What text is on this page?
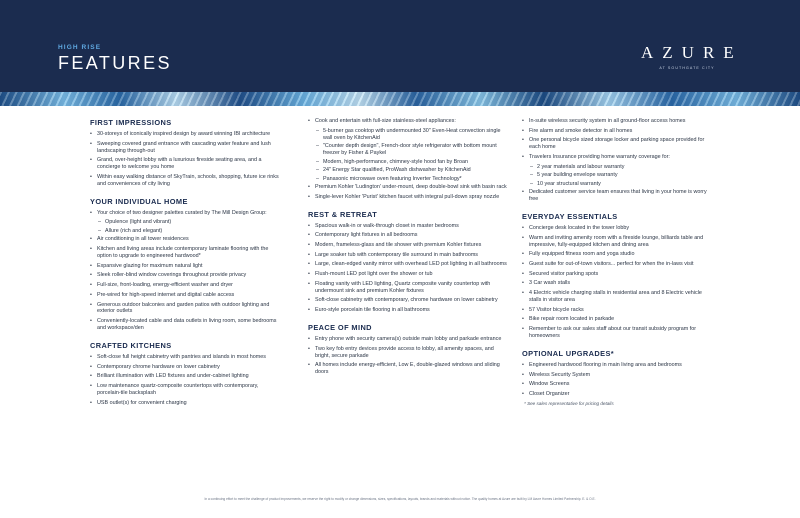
HIGH RISE
FEATURES
AZURE
AT SOUTHGATE CITY
FIRST IMPRESSIONS
• 30-storeys of iconically inspired design by award winning IBI architecture
• Sweeping covered grand entrance with cascading water feature and lush landscaping through-out
• Grand, over-height lobby with a luxurious fireside seating area, and a concierge to welcome you home
• Within easy walking distance of SkyTrain, schools, shopping, future ice rinks and conveniences of city living
YOUR INDIVIDUAL HOME
• Your choice of two designer palettes curated by The Mill Design Group:
– Opulence (light and vibrant)
– Allure (rich and elegant)
• Air conditioning in all tower residences
• Kitchen and living areas include contemporary laminate flooring with the option to upgrade to engineered hardwood*
• Expansive glazing for maximum natural light
• Sleek roller-blind window coverings throughout provide privacy
• Full-size, front-loading, energy-efficient washer and dryer
• Pre-wired for high-speed internet and digital cable access
• Generous outdoor balconies and garden patios with outdoor lighting and exterior outlets
• Conveniently-located cable and data outlets in living room, some bedrooms and workspace/den
CRAFTED KITCHENS
• Soft-close full height cabinetry with pantries and islands in most homes
• Contemporary chrome hardware on lower cabinetry
• Brilliant illumination with LED fixtures and under-cabinet lighting
• Low maintenance quartz-composite countertops with contemporary, porcelain-tile backsplash
• USB outlet(s) for convenient charging
• Cook and entertain with full-size stainless-steel appliances:
– 5-burner gas cooktop with undermounted 30" Even-Heat convection single wall oven by KitchenAid
– "Counter depth design", French-door style refrigerator with bottom mount freezer by Fisher & Paykel
– Modern, high-performance, chimney-style hood fan by Broan
– 24" Energy Star qualified, ProWash dishwasher by KitchenAid
– Panasonic microwave oven featuring Inverter Technology*
• Premium Kohler 'Ludington' under-mount, deep double-bowl sink with basin rack
• Single-lever Kohler 'Purist' kitchen faucet with integral pull-down spray nozzle
REST & RETREAT
• Spacious walk-in or walk-through closet in master bedrooms
• Contemporary light fixtures in all bedrooms
• Modern, frameless-glass and tile shower with premium Kohler fixtures
• Large soaker tub with contemporary tile surround in main bathrooms
• Large, clean-edged vanity mirror with overhead LED pot lighting in all bathrooms
• Flush-mount LED pot light over the shower or tub
• Floating vanity with LED lighting, Quartz composite vanity countertop with undermount sink and premium Kohler fixtures
• Soft-close cabinetry with contemporary, chrome hardware on lower cabinetry
• Euro-style porcelain tile flooring in all bathrooms
PEACE OF MIND
• Entry phone with security camera(s) outside main lobby and parkade entrance
• Two key fob entry devices provide access to lobby, all amenity spaces, and bright, secure parkade
• All homes include energy-efficient, Low E, double-glazed windows and sliding doors
• In-suite wireless security system in all ground-floor access homes
• Fire alarm and smoke detector in all homes
• One personal bicycle sized storage locker and parking space provided for each home
• Travelers Insurance providing home warranty coverage for:
– 2 year materials and labour warranty
– 5 year building envelope warranty
– 10 year structural warranty
• Dedicated customer service team ensures that living in your home is worry free
EVERYDAY ESSENTIALS
• Concierge desk located in the tower lobby
• Warm and inviting amenity room with a fireside lounge, billiards table and impressive, fully-equipped kitchen and dining area
• Fully equipped fitness room and yoga studio
• Guest suite for out-of-town visitors... perfect for when the in-laws visit
• Secured visitor parking spots
• 3 Car wash stalls
• 4 Electric vehicle charging stalls in residential area and 8 Electric vehicle stalls in visitor area
• 57 Visitor bicycle racks
• Bike repair room located in parkade
• Remember to ask our sales staff about our transit subsidy program for homeowners
OPTIONAL UPGRADES*
• Engineered hardwood flooring in main living area and bedrooms
• Wireless Security System
• Window Screens
• Closet Organizer
* See sales representative for pricing details
In a continuing effort to meet the challenge of product improvements, we reserve the right to modify or change dimensions, sizes, specifications, layouts, brands and materials without notice. The quality homes at Azure are built by LM Azure Homes Limited Partnership. E. & O.E.
